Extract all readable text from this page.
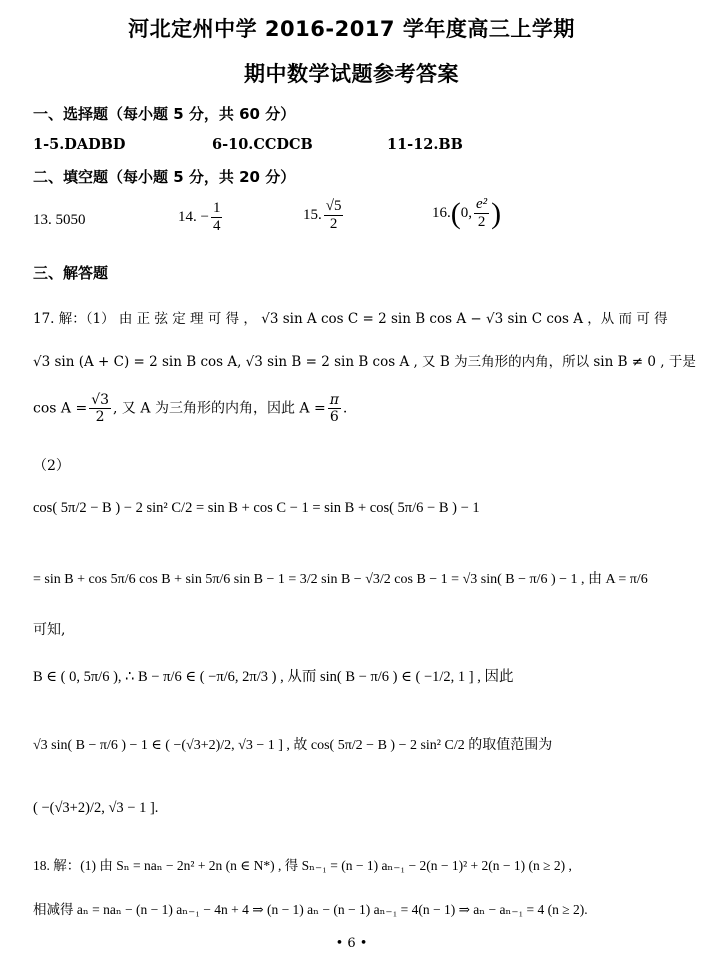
河北定州中学 2016-2017 学年度高三上学期
期中数学试题参考答案
一、选择题（每小题 5 分，共 60 分）
1-5.DADBD	6-10.CCDCB	11-12.BB
二、填空题（每小题 5 分，共 20 分）
13. 5050	14. − $\frac{1}{4}$	15. $\frac{√5}{2}$	16.(0, $\frac{\text{e²}}{2}$ )
三、解答题
17. 解：（1） 由 正 弦 定 理 可 得 ， √3 sin A cos C = 2 sin B cos A − √3 sin C cos A ，从 而 可 得
√3 sin (A + C) = 2 sin B cos A, √3 sin B = 2 sin B cos A , 又 B 为三角形的内角，所以 sin B ≠ 0 , 于是
$\cos A = \frac{√3}{2}$ , 又 A 为三角形的内角，因此 $A = \frac{\pi}{6}$ .
（2）
cos( 5π/2 − B ) − 2 sin² C/2 = sin B + cos C − 1 = sin B + cos( 5π/6 − B ) − 1
= sin B + cos 5π/6 cos B + sin 5π/6 sin B − 1 = 3/2 sin B − √3/2 cos B − 1 = √3 sin( B − π/6 ) − 1 , 由 A = π/6
可知,
B ∈ ( 0, 5π/6 ), ∴ B − π/6 ∈ ( −π/6, 2π/3 ) , 从而 sin( B − π/6 ) ∈ ( −1/2, 1 ] , 因此
√3 sin( B − π/6 ) − 1 ∈ ( −(√3+2)/2, √3 − 1 ] , 故 cos( 5π/2 − B ) − 2 sin² C/2 的取值范围为
( −(√3+2)/2, √3 − 1 ].
18. 解：(1) 由 Sₙ = naₙ − 2n² + 2n (n ∈ N*) , 得 Sₙ₋₁ = (n − 1) aₙ₋₁ − 2(n − 1)² + 2(n − 1) (n ≥ 2) ,
相减得 aₙ = naₙ − (n − 1) aₙ₋₁ − 4n + 4 ⇒ (n − 1) aₙ − (n − 1) aₙ₋₁ = 4(n − 1) ⇒ aₙ − aₙ₋₁ = 4 (n ≥ 2).
• 6 •
